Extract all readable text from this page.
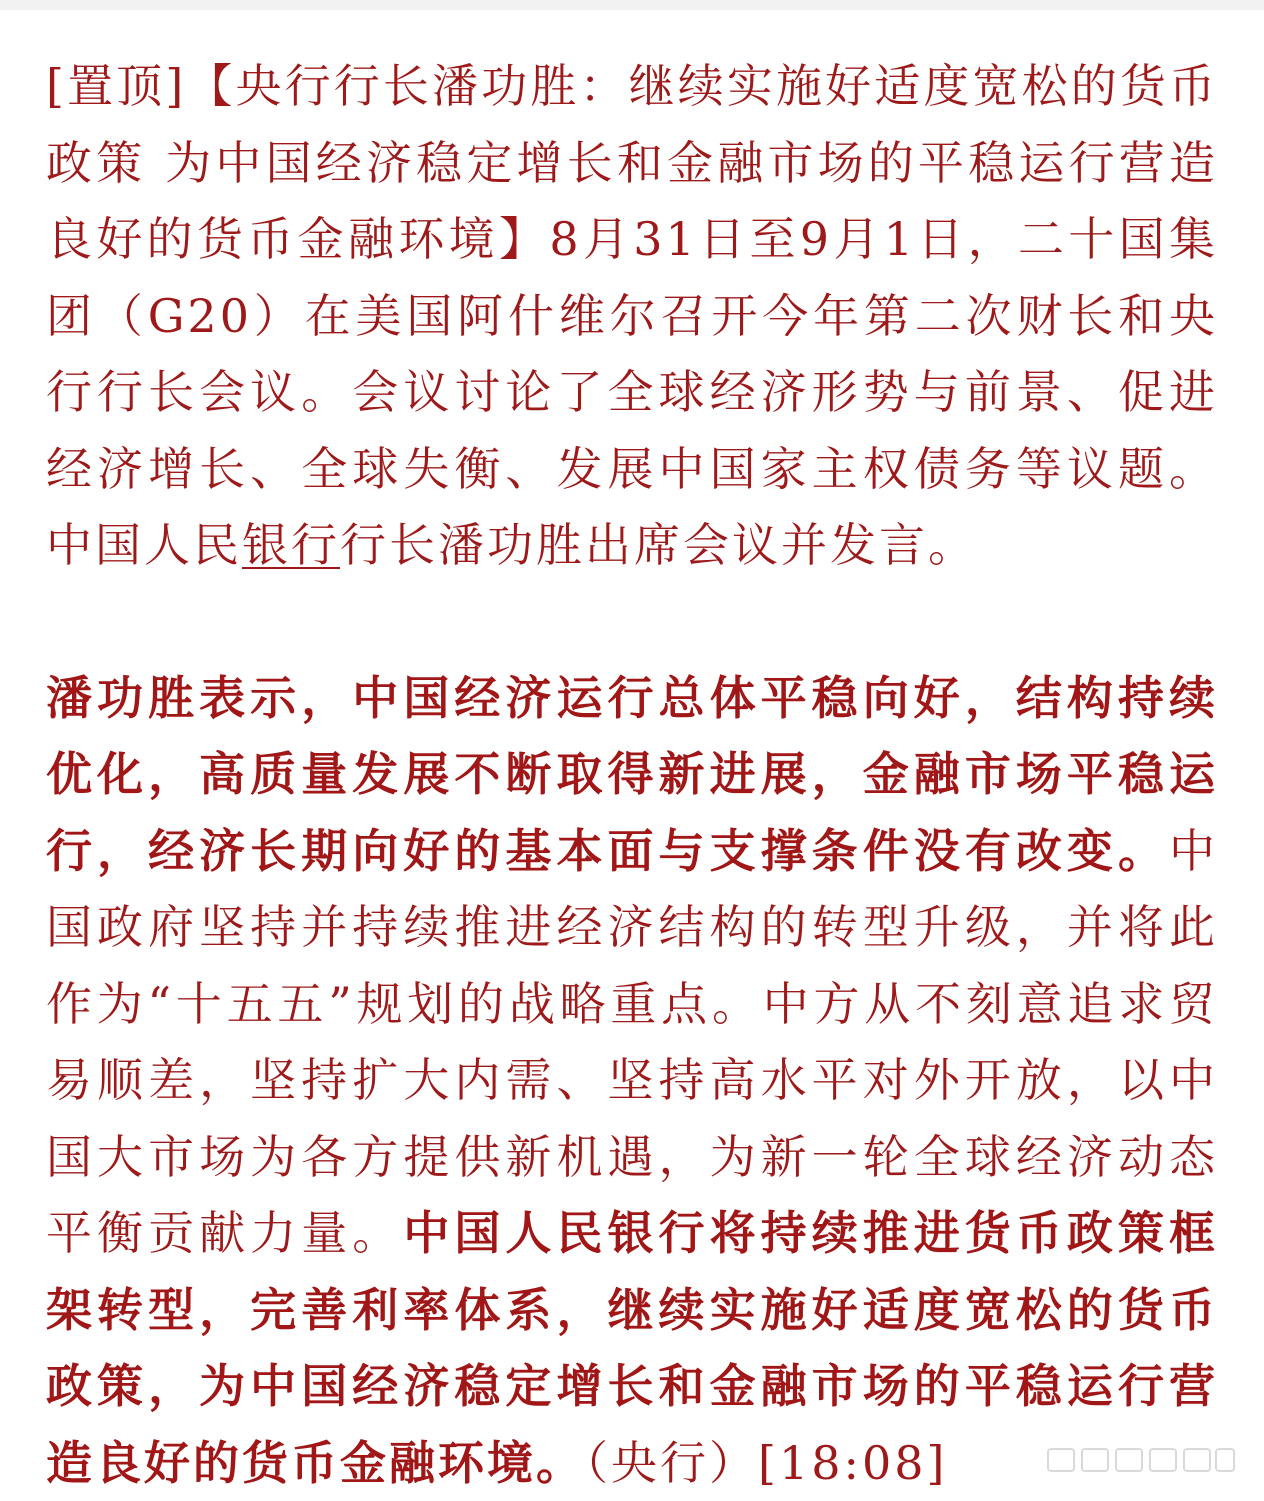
[置顶]【央行行长潘功胜：继续实施好适度宽松的货币政策 为中国经济稳定增长和金融市场的平稳运行营造良好的货币金融环境】8月31日至9月1日，二十国集团（G20）在美国阿什维尔召开今年第二次财长和央行行长会议。会议讨论了全球经济形势与前景、促进经济增长、全球失衡、发展中国家主权债务等议题。中国人民银行行长潘功胜出席会议并发言。

潘功胜表示，中国经济运行总体平稳向好，结构持续优化，高质量发展不断取得新进展，金融市场平稳运行，经济长期向好的基本面与支撑条件没有改变。中国政府坚持并持续推进经济结构的转型升级，并将此作为“十五五”规划的战略重点。中方从不刻意追求贸易顺差，坚持扩大内需、坚持高水平对外开放，以中国大市场为各方提供新机遇，为新一轮全球经济动态平衡贡献力量。中国人民银行将持续推进货币政策框架转型，完善利率体系，继续实施好适度宽松的货币政策，为中国经济稳定增长和金融市场的平稳运行营造良好的货币金融环境。（央行）[18:08]
